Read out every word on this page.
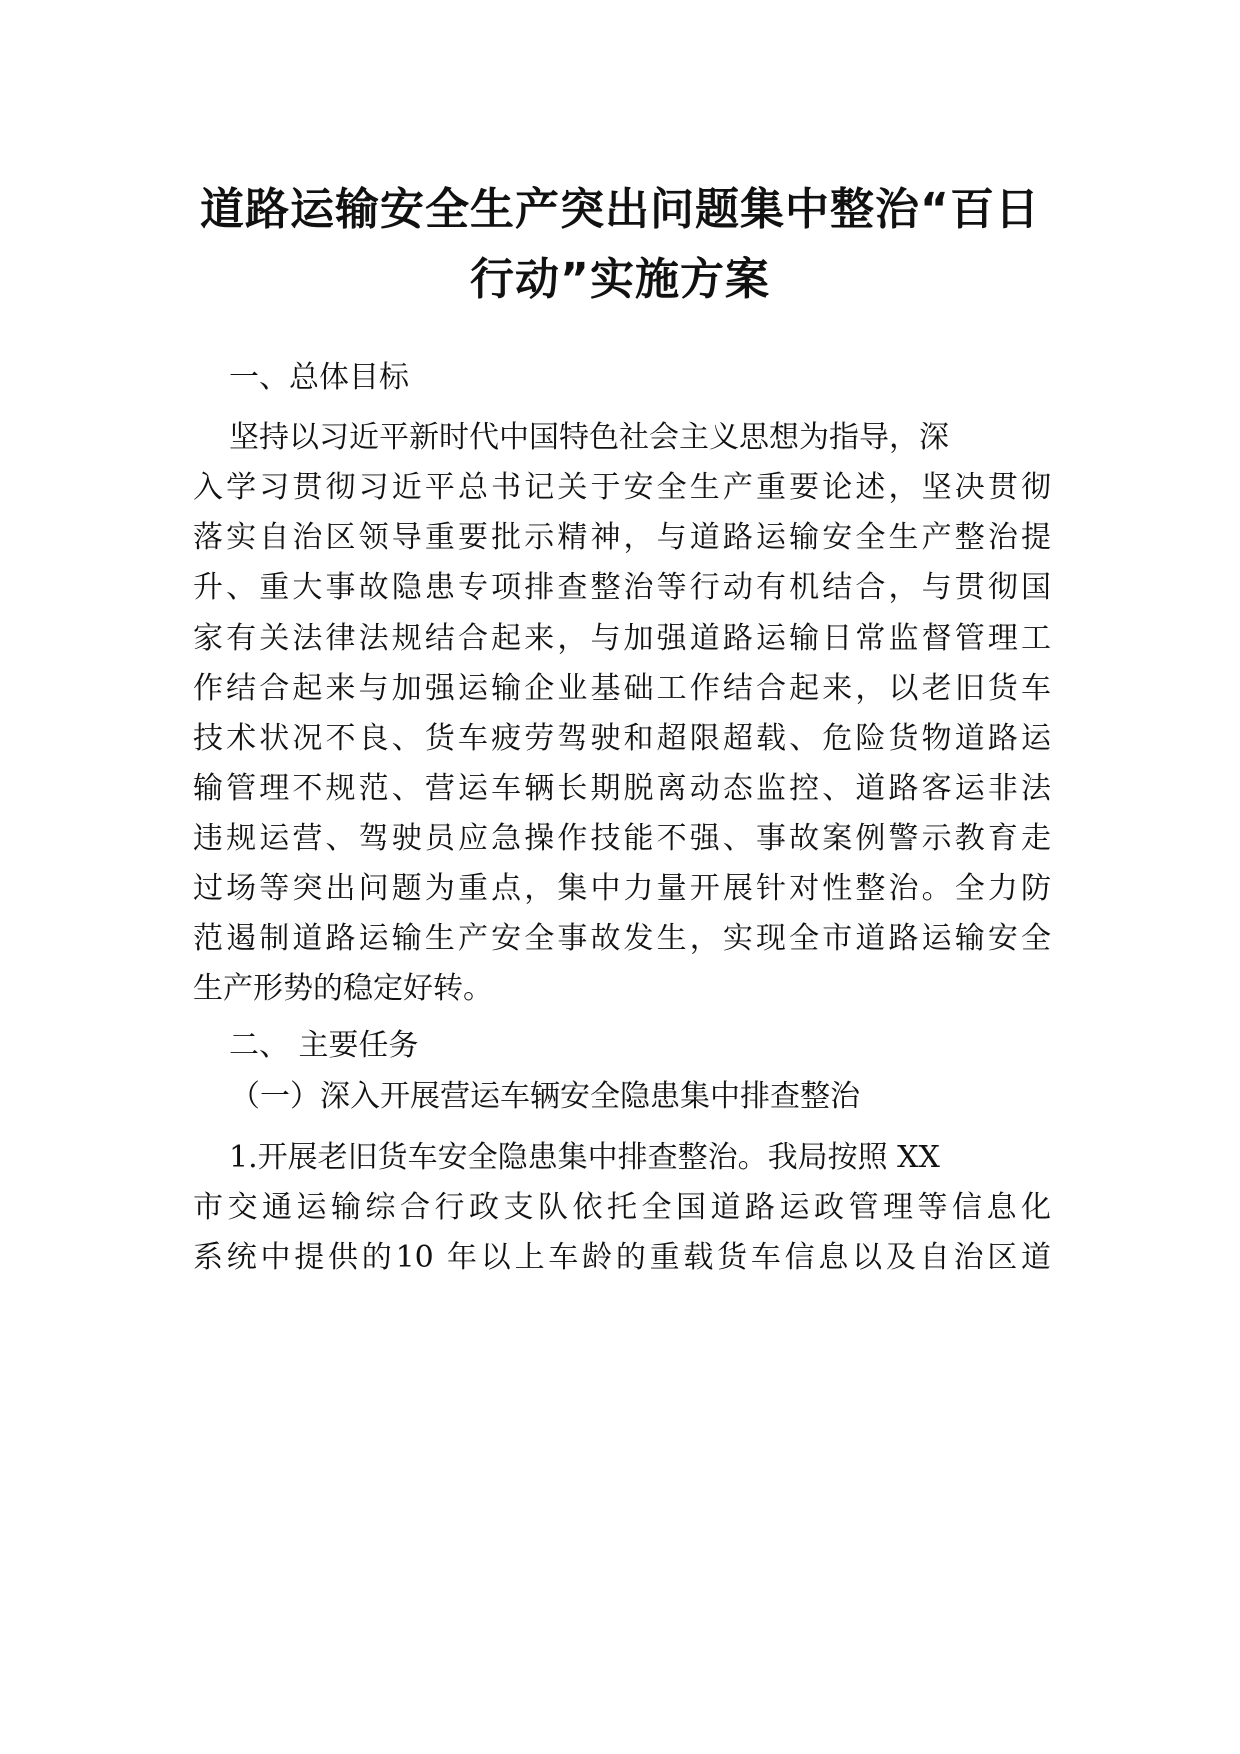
道路运输安全生产突出问题集中整治“百日
行动”实施方案
一、总体目标
坚持以习近平新时代中国特色社会主义思想为指导，深
入学习贯彻习近平总书记关于安全生产重要论述，坚决贯彻
落实自治区领导重要批示精神，与道路运输安全生产整治提
升、重大事故隐患专项排查整治等行动有机结合，与贯彻国
家有关法律法规结合起来，与加强道路运输日常监督管理工
作结合起来与加强运输企业基础工作结合起来，以老旧货车
技术状况不良、货车疲劳驾驶和超限超载、危险货物道路运
输管理不规范、营运车辆长期脱离动态监控、道路客运非法
违规运营、驾驶员应急操作技能不强、事故案例警示教育走
过场等突出问题为重点，集中力量开展针对性整治。全力防
范遏制道路运输生产安全事故发生，实现全市道路运输安全
生产形势的稳定好转。
二、 主要任务
（一）深入开展营运车辆安全隐患集中排查整治
1.开展老旧货车安全隐患集中排查整治。我局按照 XX
市交通运输综合行政支队依托全国道路运政管理等信息化
系统中提供的10 年以上车龄的重载货车信息以及自治区道
